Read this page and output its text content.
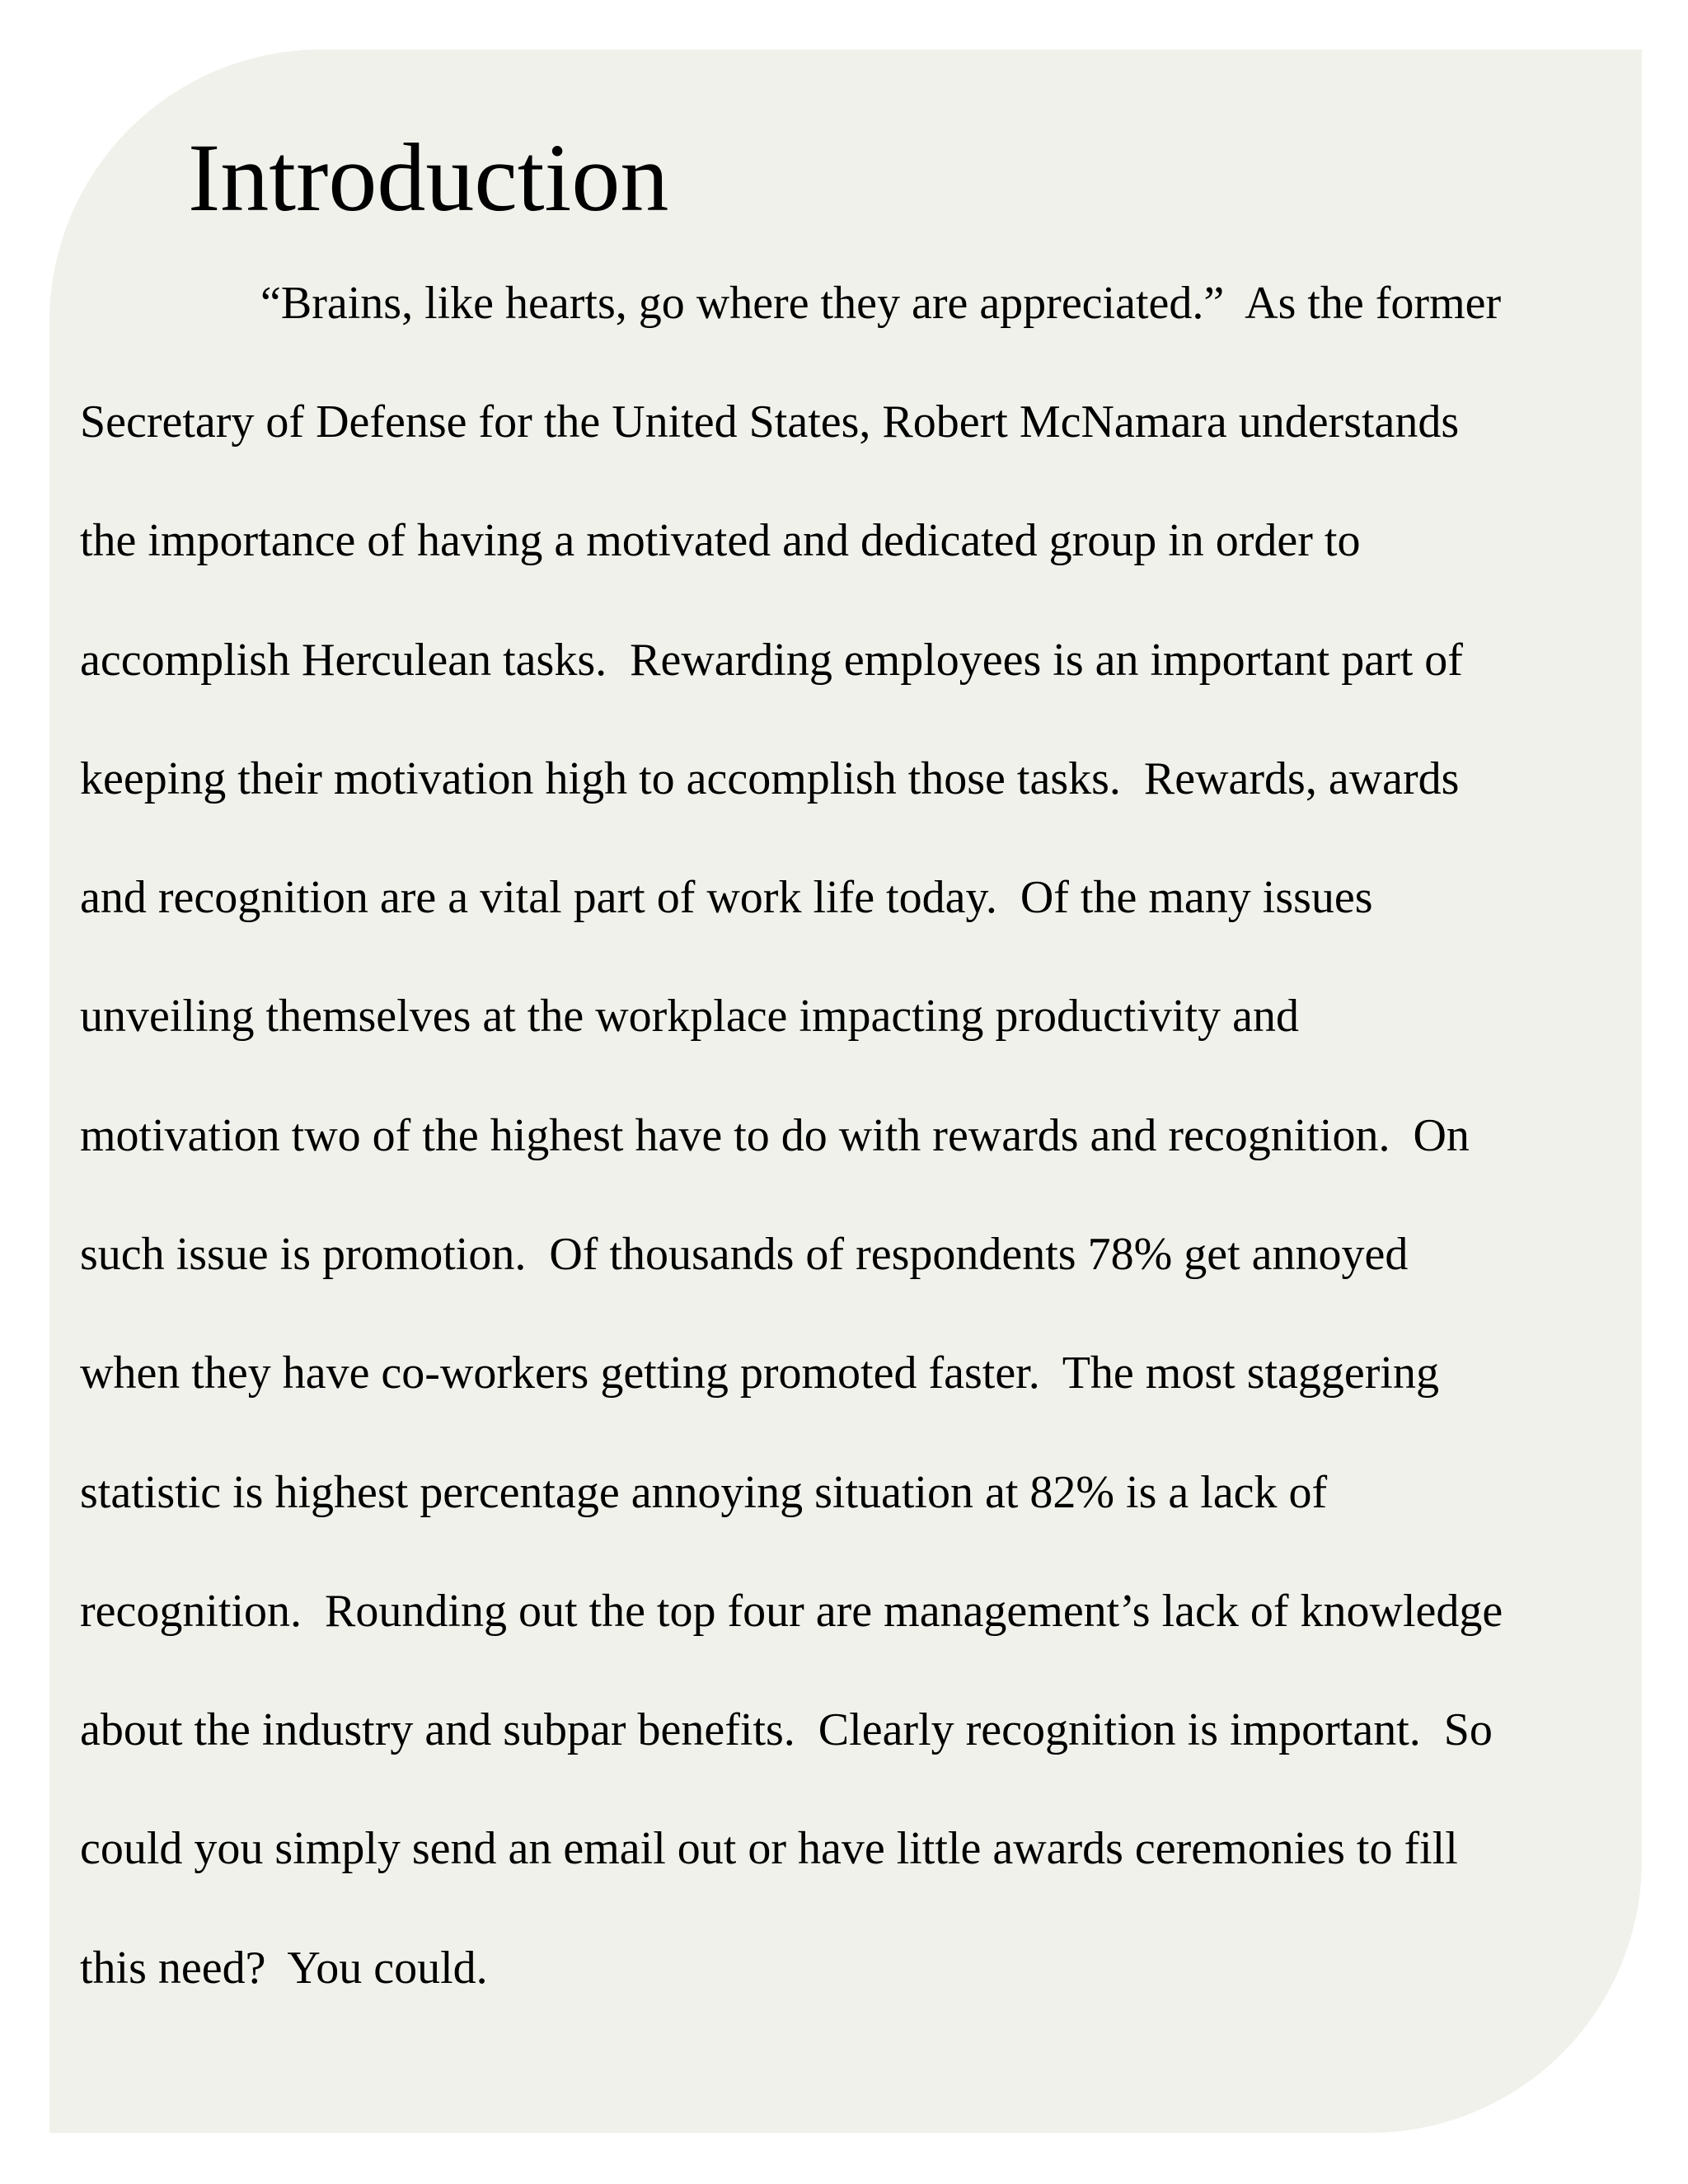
Introduction

“Brains, like hearts, go where they are appreciated.”  As the former

Secretary of Defense for the United States, Robert McNamara understands

the importance of having a motivated and dedicated group in order to

accomplish Herculean tasks.  Rewarding employees is an important part of

keeping their motivation high to accomplish those tasks.  Rewards, awards

and recognition are a vital part of work life today.  Of the many issues

unveiling themselves at the workplace impacting productivity and

motivation two of the highest have to do with rewards and recognition.  On

such issue is promotion.  Of thousands of respondents 78% get annoyed

when they have co-workers getting promoted faster.  The most staggering

statistic is highest percentage annoying situation at 82% is a lack of

recognition.  Rounding out the top four are management’s lack of knowledge

about the industry and subpar benefits.  Clearly recognition is important.  So

could you simply send an email out or have little awards ceremonies to fill

this need?  You could.
